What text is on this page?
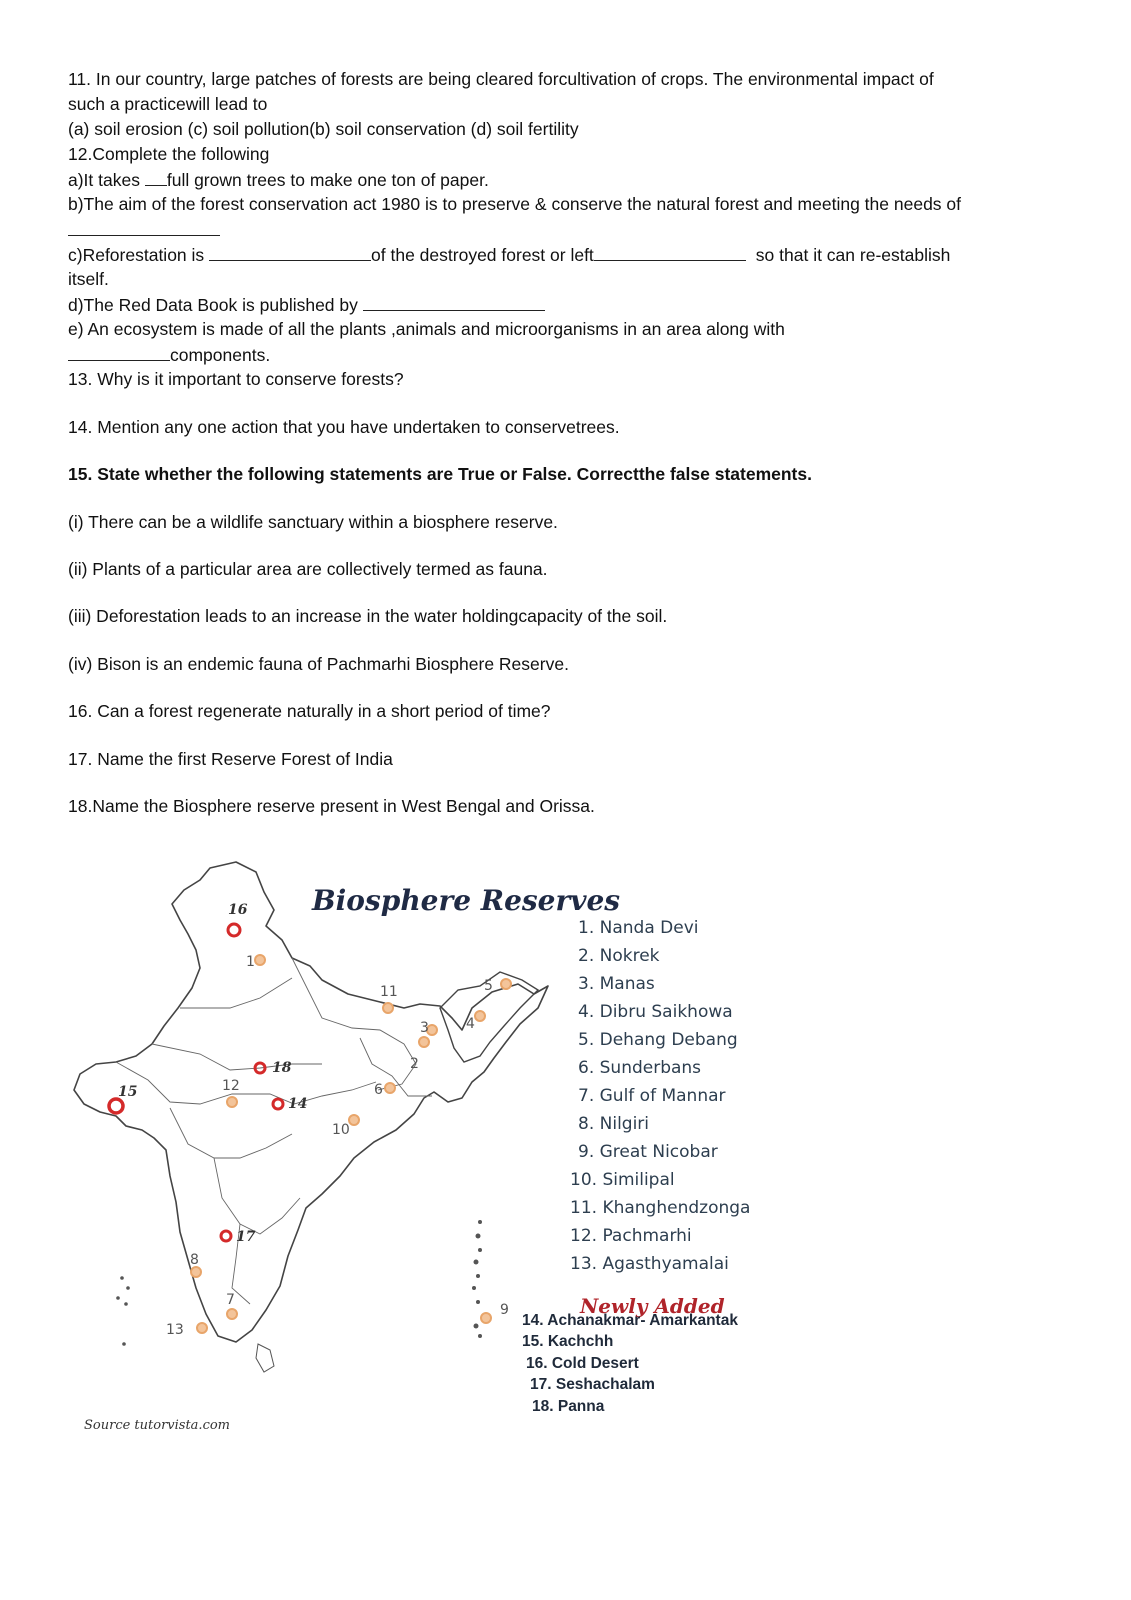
11. In our country, large patches of forests are being cleared forcultivation of crops. The environmental impact of

such a practicewill lead to

(a) soil erosion (c) soil pollution(b) soil conservation (d) soil fertility

12.Complete the following

a)It takes full grown trees to make one ton of paper.

b)The aim of the forest conservation act 1980 is to preserve & conserve the natural forest and meeting the needs of

c)Reforestation is	of the destroyed forest or left	so that it can re-establish

itself.

d)The Red Data Book is published by

e) An ecosystem is made of all the plants ,animals and microorganisms in an area along with

components.

13. Why is it important to conserve forests?

14. Mention any one action that you have undertaken to conservetrees.

15. State whether the following statements are True or False. Correctthe false statements.

(i) There can be a wildlife sanctuary within a biosphere reserve.

(ii) Plants of a particular area are collectively termed as fauna.

(iii) Deforestation leads to an increase in the water holdingcapacity of the soil.

(iv) Bison is an endemic fauna of Pachmarhi Biosphere Reserve.

16. Can a forest regenerate naturally in a short period of time?

17. Name the first Reserve Forest of India

18.Name the Biosphere reserve present in West Bengal and Orissa.

1
2
3	4
5
6
7
8
9
10
11
12
13
14
15
16
17
18
Biosphere Reserves
1. Nanda Devi
2. Nokrek
3. Manas
4. Dibru Saikhowa
5. Dehang Debang
6. Sunderbans
7. Gulf of Mannar
8. Nilgiri
9. Great Nicobar
10. Similipal
11. Khanghendzonga
12. Pachmarhi
13. Agasthyamalai
Newly Added
14. Achanakmar- Amarkantak
15. Kachchh
16. Cold Desert
17. Seshachalam
18. Panna
Source tutorvista.com
